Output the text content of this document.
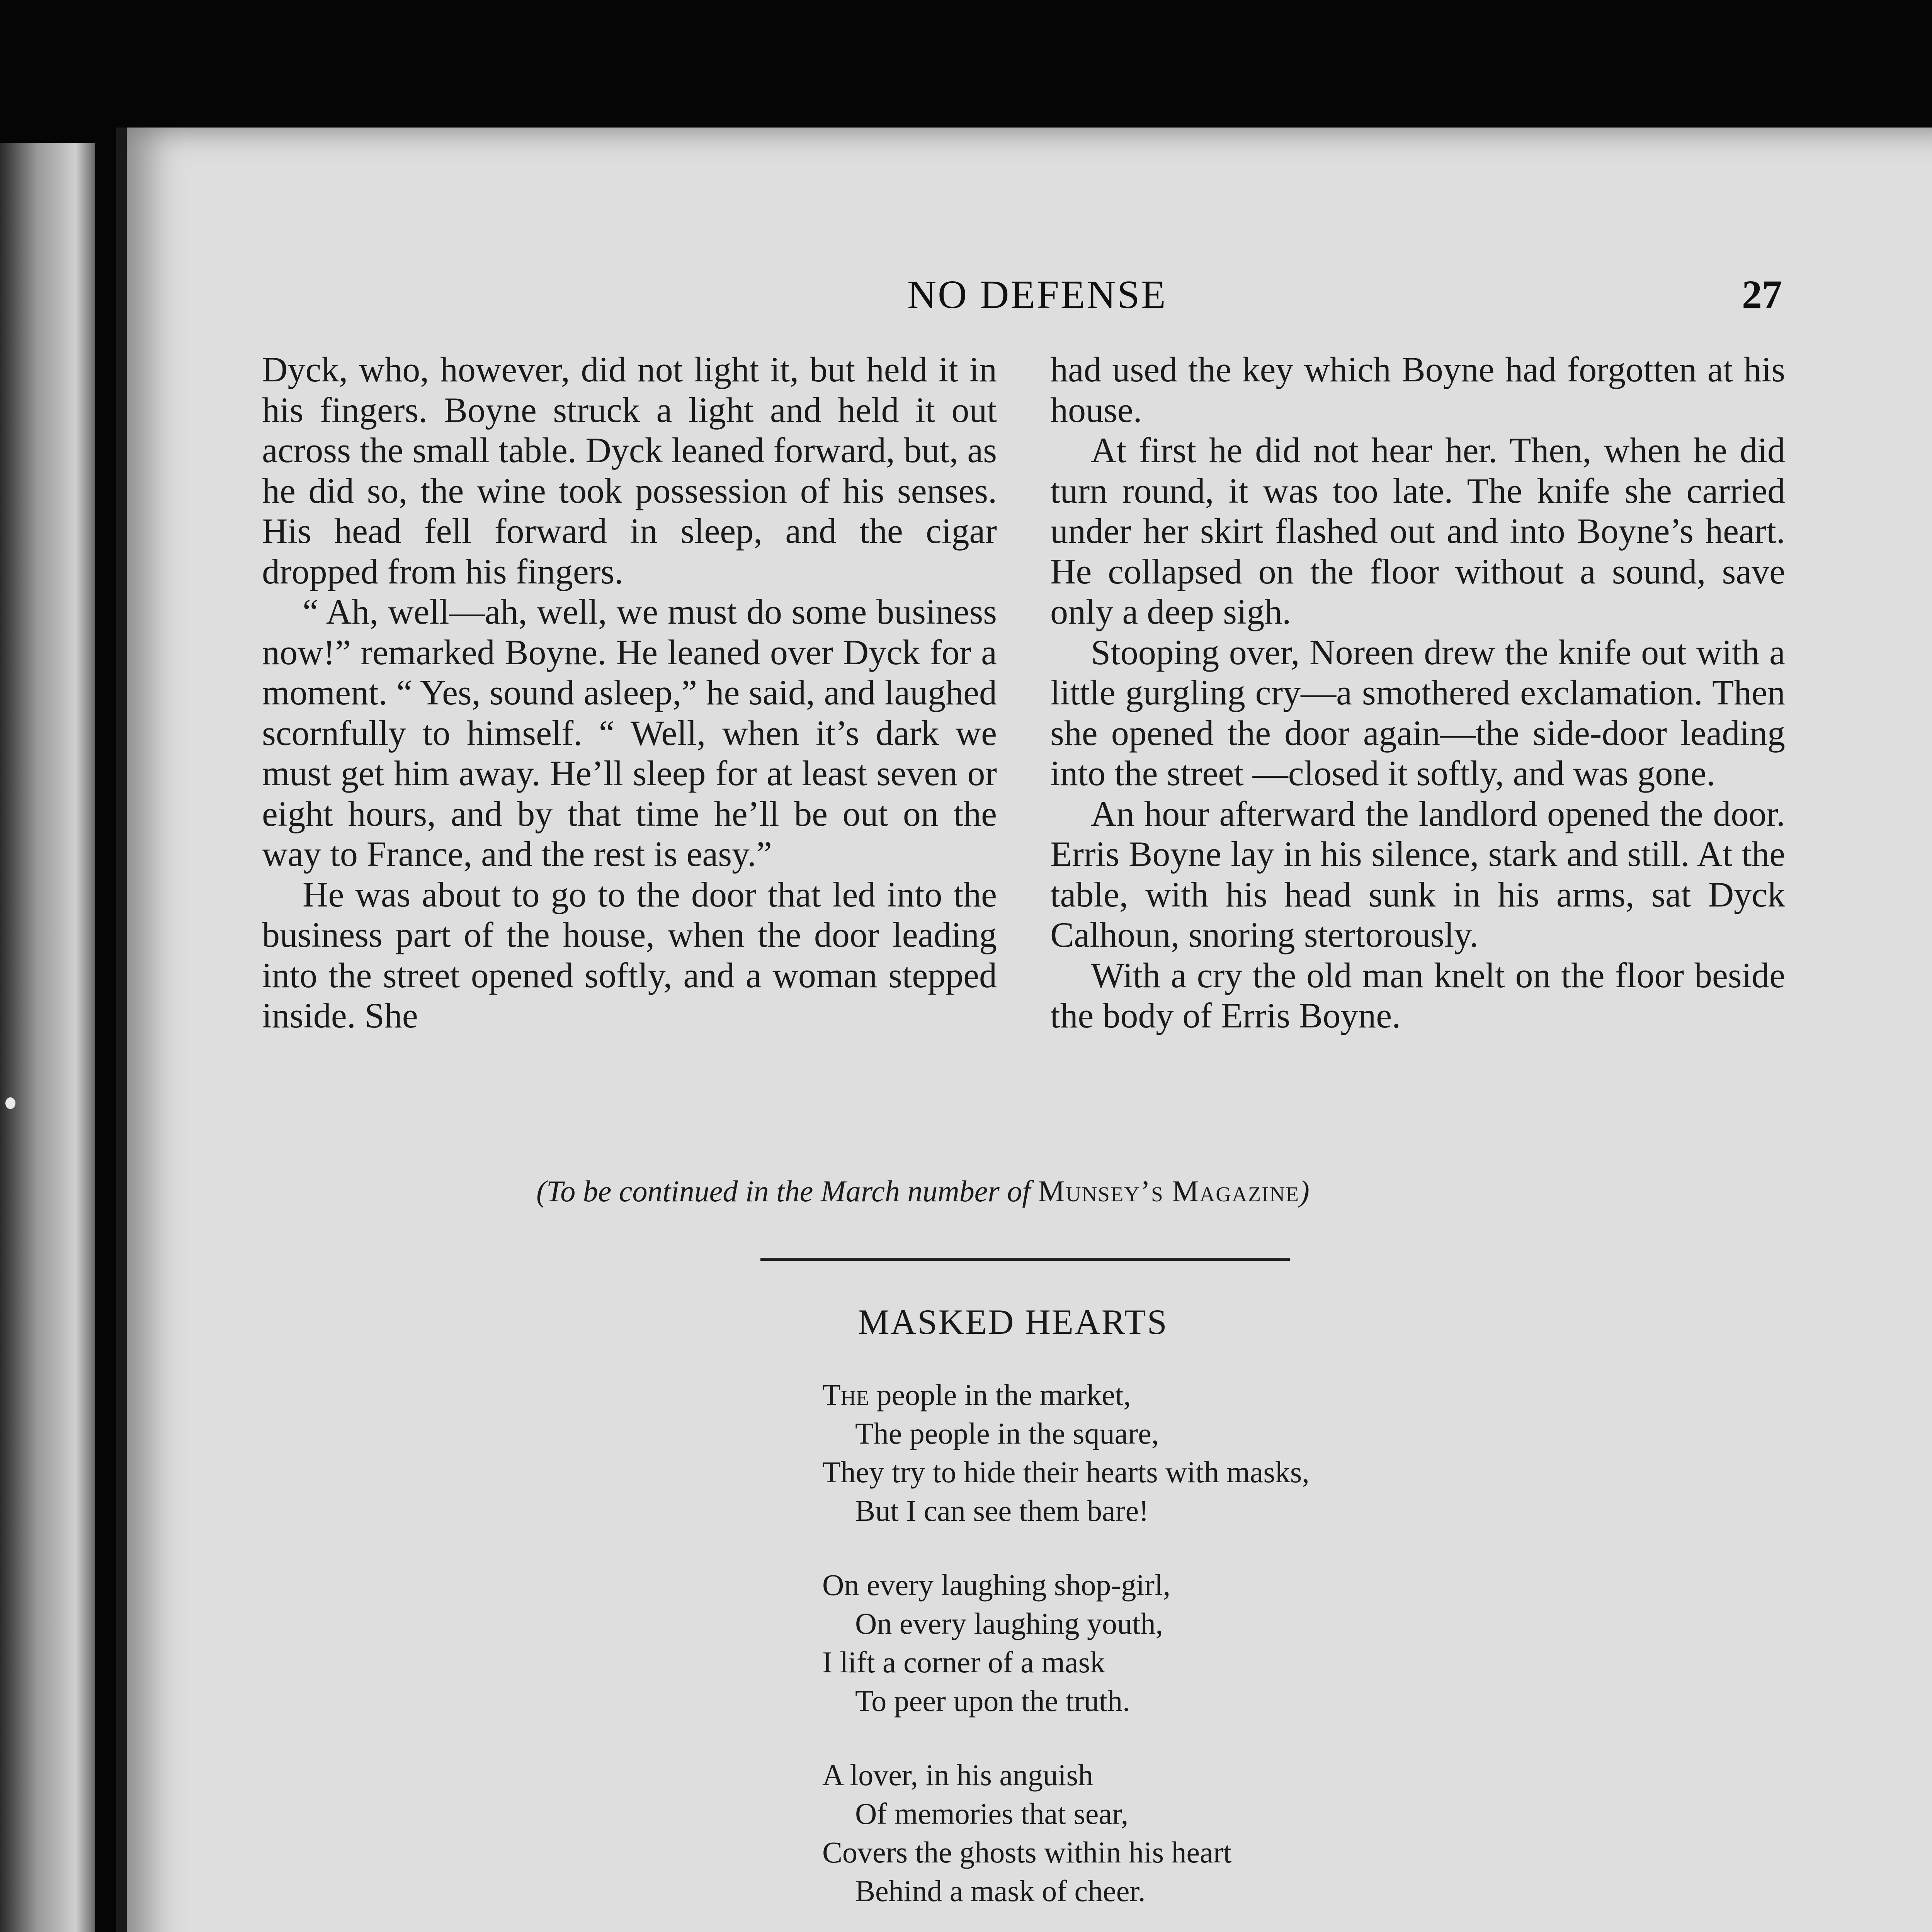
NO DEFENSE	27

Dyck, who, however, did not light it, but held it in his fingers. Boyne struck a light and held it out across the small table. Dyck leaned forward, but, as he did so, the wine took possession of his senses. His head fell forward in sleep, and the cigar dropped from his fingers.

“ Ah, well—ah, well, we must do some business now!” remarked Boyne. He leaned over Dyck for a moment. “ Yes, sound asleep,” he said, and laughed scornfully to himself. “ Well, when it’s dark we must get him away. He’ll sleep for at least seven or eight hours, and by that time he’ll be out on the way to France, and the rest is easy.”

He was about to go to the door that led into the business part of the house, when the door leading into the street opened softly, and a woman stepped inside. She

had used the key which Boyne had forgotten at his house.

At first he did not hear her. Then, when he did turn round, it was too late. The knife she carried under her skirt flashed out and into Boyne’s heart. He collapsed on the floor without a sound, save only a deep sigh.

Stooping over, Noreen drew the knife out with a little gurgling cry—a smothered exclamation. Then she opened the door again—the side-door leading into the street —closed it softly, and was gone.

An hour afterward the landlord opened the door. Erris Boyne lay in his silence, stark and still. At the table, with his head sunk in his arms, sat Dyck Calhoun, snoring stertorously.

With a cry the old man knelt on the floor beside the body of Erris Boyne.

(To be continued in the March number of Munsey’s Magazine)
MASKED HEARTS
The people in the market,
The people in the square,
They try to hide their hearts with masks,
But I can see them bare!
On every laughing shop-girl,
On every laughing youth,
I lift a corner of a mask
To peer upon the truth.
A lover, in his anguish
Of memories that sear,
Covers the ghosts within his heart
Behind a mask of cheer.
